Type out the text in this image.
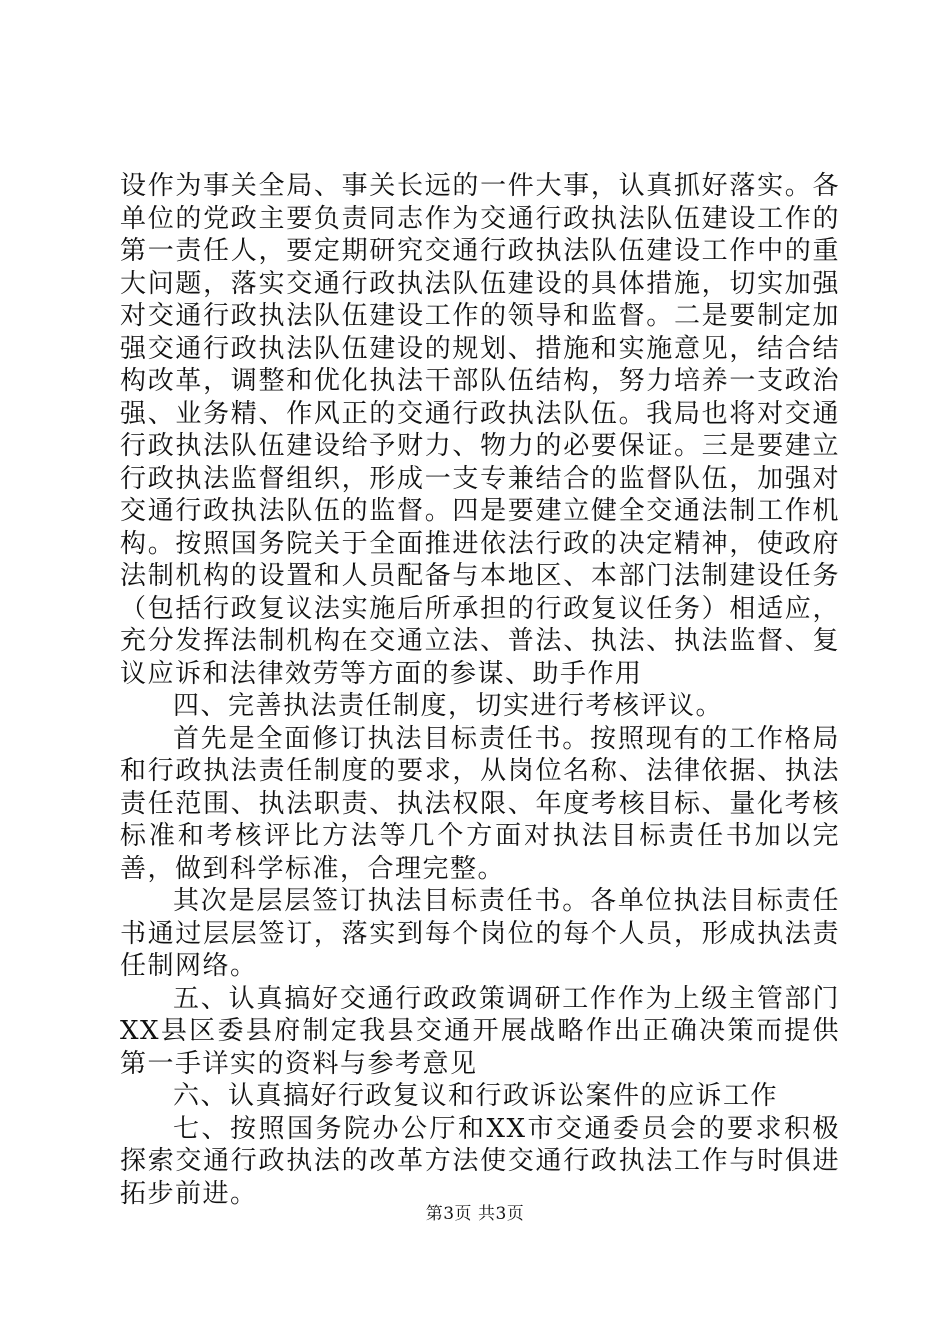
设作为事关全局、事关长远的一件大事，认真抓好落实。各单位的党政主要负责同志作为交通行政执法队伍建设工作的第一责任人，要定期研究交通行政执法队伍建设工作中的重大问题，落实交通行政执法队伍建设的具体措施，切实加强对交通行政执法队伍建设工作的领导和监督。二是要制定加强交通行政执法队伍建设的规划、措施和实施意见，结合结构改革，调整和优化执法干部队伍结构，努力培养一支政治强、业务精、作风正的交通行政执法队伍。我局也将对交通行政执法队伍建设给予财力、物力的必要保证。三是要建立行政执法监督组织，形成一支专兼结合的监督队伍，加强对交通行政执法队伍的监督。四是要建立健全交通法制工作机构。按照国务院关于全面推进依法行政的决定精神，使政府法制机构的设置和人员配备与本地区、本部门法制建设任务（包括行政复议法实施后所承担的行政复议任务）相适应，充分发挥法制机构在交通立法、普法、执法、执法监督、复议应诉和法律效劳等方面的参谋、助手作用

四、完善执法责任制度，切实进行考核评议。

首先是全面修订执法目标责任书。按照现有的工作格局和行政执法责任制度的要求，从岗位名称、法律依据、执法责任范围、执法职责、执法权限、年度考核目标、量化考核标准和考核评比方法等几个方面对执法目标责任书加以完善，做到科学标准，合理完整。

其次是层层签订执法目标责任书。各单位执法目标责任书通过层层签订，落实到每个岗位的每个人员，形成执法责任制网络。

五、认真搞好交通行政政策调研工作作为上级主管部门XX县区委县府制定我县交通开展战略作出正确决策而提供第一手详实的资料与参考意见

六、认真搞好行政复议和行政诉讼案件的应诉工作

七、按照国务院办公厅和XX市交通委员会的要求积极探索交通行政执法的改革方法使交通行政执法工作与时俱进拓步前进。

第3页 共3页
